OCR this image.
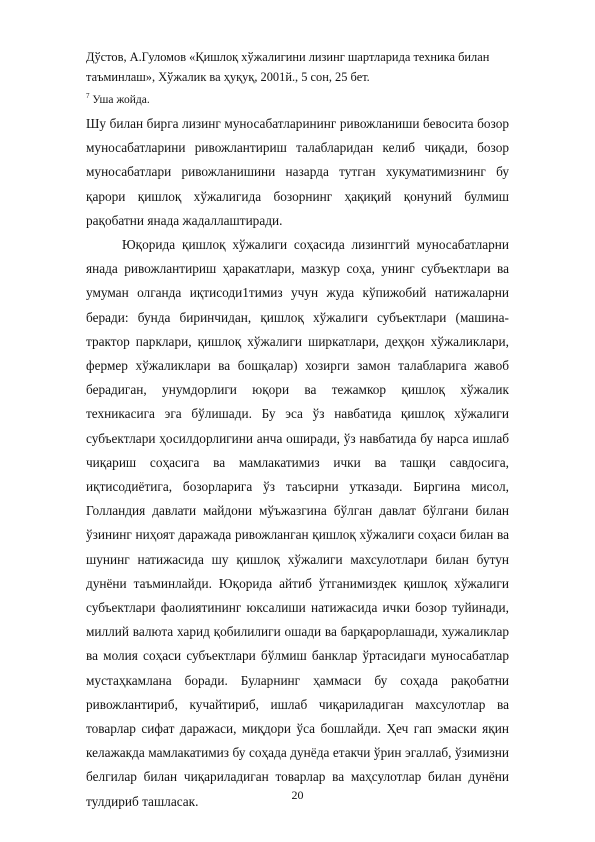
Дўстов, А.Гуломов «Қишлоқ хўжалигини лизинг шартларида техника билан

таъминлаш», Хўжалик ва ҳуқуқ, 2001й., 5 сон, 25 бет.

$^7$ Уша жойда.

Шу билан бирга лизинг муносабатларининг ривожланиши бевосита бозор муносабатларини ривожлантириш талабларидан келиб чиқади, бозор муносабатлари ривожланишини назарда тутган хукуматимизнинг бу қарори қишлоқ хўжалигида бозорнинг ҳақиқий қонуний булмиш рақобатни янада жадаллаштиради.

Юқорида қишлоқ хўжалиги соҳасида лизинггий муносабатларни янада ривожлантириш ҳаракатлари, мазкур соҳа, унинг субъектлари ва умуман олганда иқтисоди1тимиз учун жуда кўпижобий натижаларни беради: бунда биринчидан, қишлоқ хўжалиги субъектлари (машина-трактор парклари, қишлоқ хўжалиги ширкатлари, деҳқон хўжаликлари, фермер хўжаликлари ва бошқалар) хозирги замон талабларига жавоб берадиган, унумдорлиги юқори ва тежамкор қишлоқ хўжалик техникасига эга бўлишади. Бу эса ўз навбатида қишлоқ хўжалиги субъектлари ҳосилдорлигини анча оширади, ўз навбатида бу нарса ишлаб чиқариш соҳасига ва мамлакатимиз ички ва ташқи савдосига, иқтисодиётига, бозорларига ўз таъсирни утказади. Биргина мисол, Голландия давлати майдони мўъжазгина бўлган давлат бўлгани билан ўзининг ниҳоят даражада ривожланган қишлоқ хўжалиги соҳаси билан ва шунинг натижасида шу қишлоқ хўжалиги махсулотлари билан бутун дунёни таъминлайди. Юқорида айтиб ўтганимиздек қишлоқ хўжалиги субъектлари фаолиятининг юксалиши натижасида ички бозор туйинади, миллий валюта харид қобилилиги ошади ва барқарорлашади, хужаликлар ва молия соҳаси субъектлари бўлмиш банклар ўртасидаги муносабатлар мустаҳкамлана боради. Буларнинг ҳаммаси бу соҳада рақобатни ривожлантириб, кучайтириб, ишлаб чиқариладиган махсулотлар ва товарлар сифат даражаси, миқдори ўса бошлайди. Ҳеч гап эмаски яқин келажакда мамлакатимиз бу соҳада дунёда етакчи ўрин эгаллаб, ўзимизни белгилар билан чиқариладиган товарлар ва маҳсулотлар билан дунёни тулдириб ташласак.	20
